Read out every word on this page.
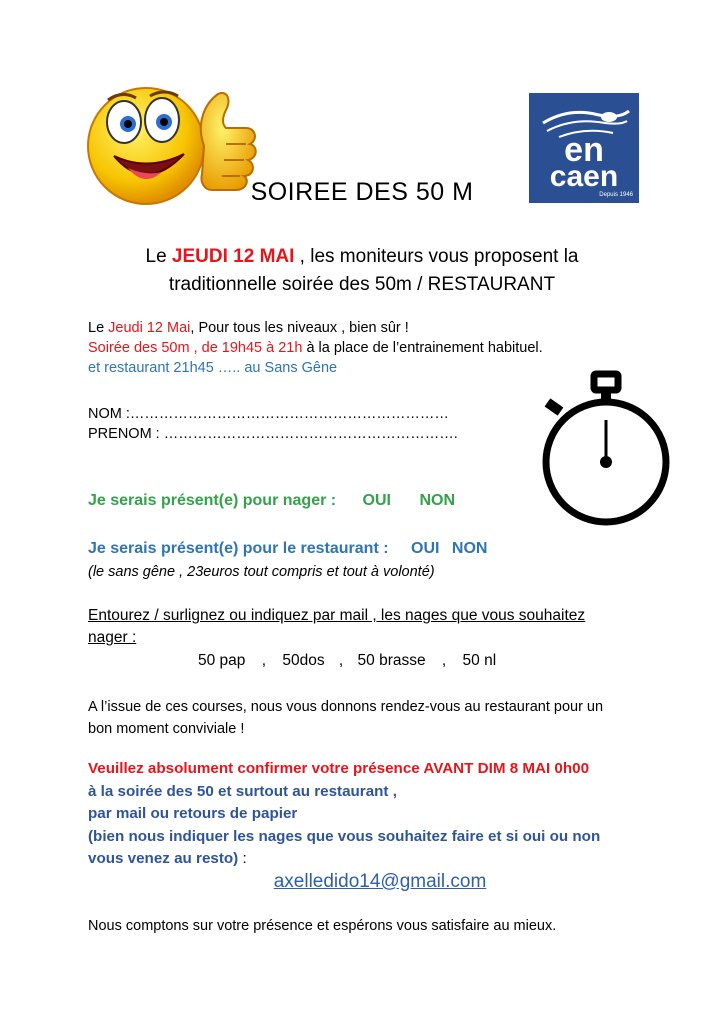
en
caen
Depuis 1946
SOIREE DES 50 M
Le JEUDI 12 MAI , les moniteurs vous proposent la
traditionnelle soirée des 50m / RESTAURANT
Le Jeudi 12 Mai, Pour tous les niveaux , bien sûr !
Soirée des 50m , de 19h45 à 21h à la place de l’entrainement habituel.
et restaurant 21h45 ….. au Sans Gêne
NOM :…………………………………………………………
PRENOM : …………………………………………………….
Je serais présent(e) pour nager : OUI NON
Je serais présent(e) pour le restaurant : OUI NON
(le sans gêne , 23euros tout compris et tout à volonté)
Entourez / surlignez ou indiquez par mail , les nages que vous souhaitez
nager :
50 pap , 50dos , 50 brasse , 50 nl
A l’issue de ces courses, nous vous donnons rendez-vous au restaurant pour un
bon moment conviviale !
Veuillez absolument confirmer votre présence AVANT DIM 8 MAI 0h00
à la soirée des 50 et surtout au restaurant ,
par mail ou retours de papier
(bien nous indiquer les nages que vous souhaitez faire et si oui ou non
vous venez au resto) :
axelledido14@gmail.com
Nous comptons sur votre présence et espérons vous satisfaire au mieux.
